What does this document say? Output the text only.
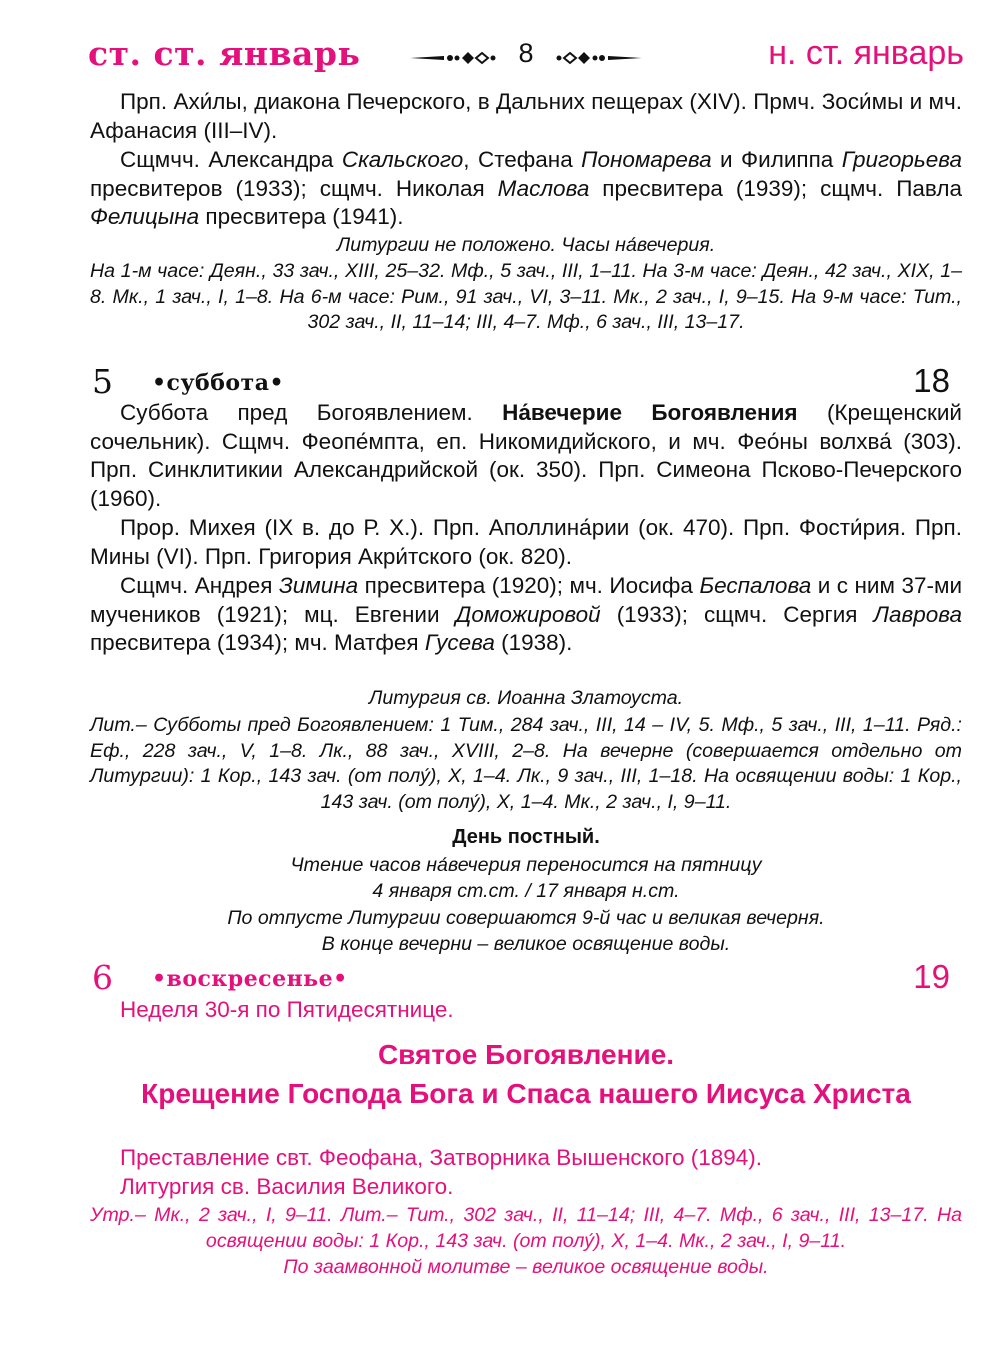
ст. ст. январь	8	н. ст. январь

Прп. Ахи́лы, диакона Печерского, в Дальних пещерах (XIV). Прмч. Зоси́мы и мч. Афанасия (III–IV).

Сщмчч. Александра Скальского, Стефана Пономарева и Филиппа Григорьева пресвитеров (1933); сщмч. Николая Маслова пресвитера (1939); сщмч. Павла Фелицына пресвитера (1941).

Литургии не положено. Часы на́вечерия.

На 1-м часе: Деян., 33 зач., XIII, 25–32. Мф., 5 зач., III, 1–11. На 3-м часе: Деян., 42 зач., XIX, 1–8. Мк., 1 зач., I, 1–8. На 6-м часе: Рим., 91 зач., VI, 3–11. Мк., 2 зач., I, 9–15. На 9-м часе: Тит., 302 зач., II, 11–14; III, 4–7. Мф., 6 зач., III, 13–17.

5 •суббота•	18

Суббота пред Богоявлением. На́вечерие Богоявления (Крещенский сочельник). Сщмч. Феопе́мпта, еп. Никомидийского, и мч. Фео́ны волхва́ (303). Прп. Синклитикии Александрийской (ок. 350). Прп. Симеона Псково-Печерского (1960).

Прор. Михея (IX в. до Р. Х.). Прп. Аполлина́рии (ок. 470). Прп. Фости́рия. Прп. Мины (VI). Прп. Григория Акри́тского (ок. 820).

Сщмч. Андрея Зимина пресвитера (1920); мч. Иосифа Беспалова и с ним 37-ми мучеников (1921); мц. Евгении Доможировой (1933); сщмч. Сергия Лаврова пресвитера (1934); мч. Матфея Гусева (1938).

Литургия св. Иоанна Златоуста.

Лит.– Субботы пред Богоявлением: 1 Тим., 284 зач., III, 14 – IV, 5. Мф., 5 зач., III, 1–11. Ряд.: Еф., 228 зач., V, 1–8. Лк., 88 зач., XVIII, 2–8. На вечерне (совершается отдельно от Литургии): 1 Кор., 143 зач. (от полу́), X, 1–4. Лк., 9 зач., III, 1–18. На освящении воды: 1 Кор., 143 зач. (от полу́), X, 1–4. Мк., 2 зач., I, 9–11.

День постный.

Чтение часов на́вечерия переносится на пятницу

4 января ст.ст. / 17 января н.ст.

По отпусте Литургии совершаются 9-й час и великая вечерня.

В конце вечерни – великое освящение воды.

6 •воскресенье•	19

Неделя 30-я по Пятидесятнице.

Святое Богоявление.

Крещение Господа Бога и Спаса нашего Иисуса Христа

Преставление свт. Феофана, Затворника Вышенского (1894).

Литургия св. Василия Великого.

Утр.– Мк., 2 зач., I, 9–11. Лит.– Тит., 302 зач., II, 11–14; III, 4–7. Мф., 6 зач., III, 13–17. На освящении воды: 1 Кор., 143 зач. (от полу́), X, 1–4. Мк., 2 зач., I, 9–11.

По заамвонной молитве – великое освящение воды.
